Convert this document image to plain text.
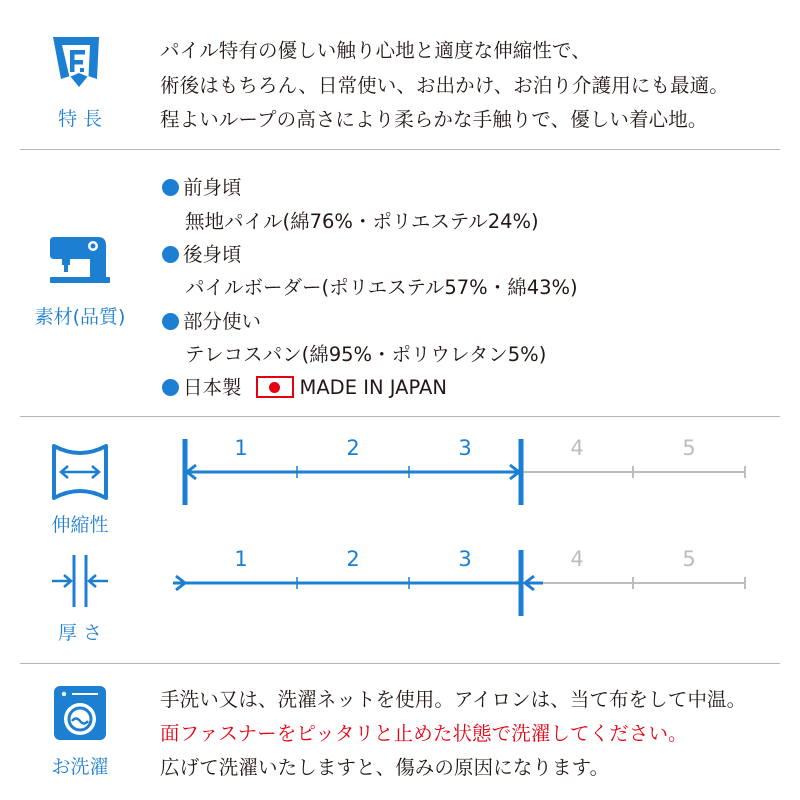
特 長
パイル特有の優しい触り心地と適度な伸縮性で、
術後はもちろん、日常使い、お出かけ、お泊り介護用にも最適。
程よいループの高さにより柔らかな手触りで、優しい着心地。
素材(品質)
前身頃
無地パイル(綿76%・ポリエステル24%)
後身頃
パイルボーダー(ポリエステル57%・綿43%)
部分使い
テレコスパン(綿95%・ポリウレタン5%)
日本製	MADE IN JAPAN
伸縮性
1	2	3	4	5
厚 さ
1	2	3	4	5
お洗濯
手洗い又は、洗濯ネットを使用。アイロンは、当て布をして中温。
面ファスナーをピッタリと止めた状態で洗濯してください。
広げて洗濯いたしますと、傷みの原因になります。
